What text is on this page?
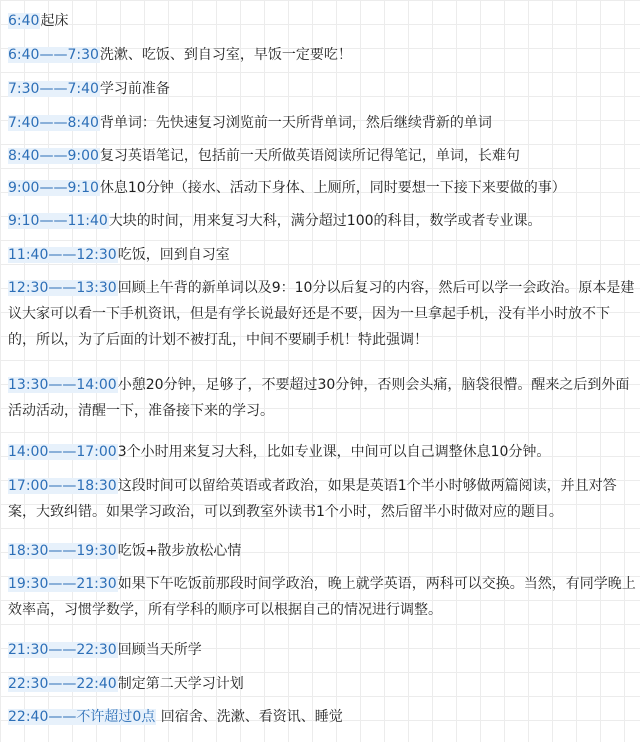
6:40起床

6:40——7:30洗漱、吃饭、到自习室，早饭一定要吃！

7:30——7:40学习前准备

7:40——8:40背单词：先快速复习浏览前一天所背单词，然后继续背新的单词

8:40——9:00复习英语笔记，包括前一天所做英语阅读所记得笔记，单词，长难句

9:00——9:10休息10分钟（接水、活动下身体、上厕所，同时要想一下接下来要做的事）

9:10——11:40大块的时间，用来复习大科，满分超过100的科目，数学或者专业课。

11:40——12:30吃饭，回到自习室

12:30——13:30回顾上午背的新单词以及9：10分以后复习的内容，然后可以学一会政治。原本是建议大家可以看一下手机资讯，但是有学长说最好还是不要，因为一旦拿起手机，没有半小时放不下的，所以，为了后面的计划不被打乱，中间不要刷手机！特此强调！

13:30——14:00小憩20分钟，足够了，不要超过30分钟，否则会头痛，脑袋很懵。醒来之后到外面活动活动，清醒一下，准备接下来的学习。

14:00——17:003个小时用来复习大科，比如专业课，中间可以自己调整休息10分钟。

17:00——18:30这段时间可以留给英语或者政治，如果是英语1个半小时够做两篇阅读，并且对答案，大致纠错。如果学习政治，可以到教室外读书1个小时，然后留半小时做对应的题目。

18:30——19:30吃饭+散步放松心情

19:30——21:30如果下午吃饭前那段时间学政治，晚上就学英语，两科可以交换。当然，有同学晚上效率高，习惯学数学，所有学科的顺序可以根据自己的情况进行调整。

21:30——22:30回顾当天所学

22:30——22:40制定第二天学习计划

22:40——不许超过0点 回宿舍、洗漱、看资讯、睡觉
